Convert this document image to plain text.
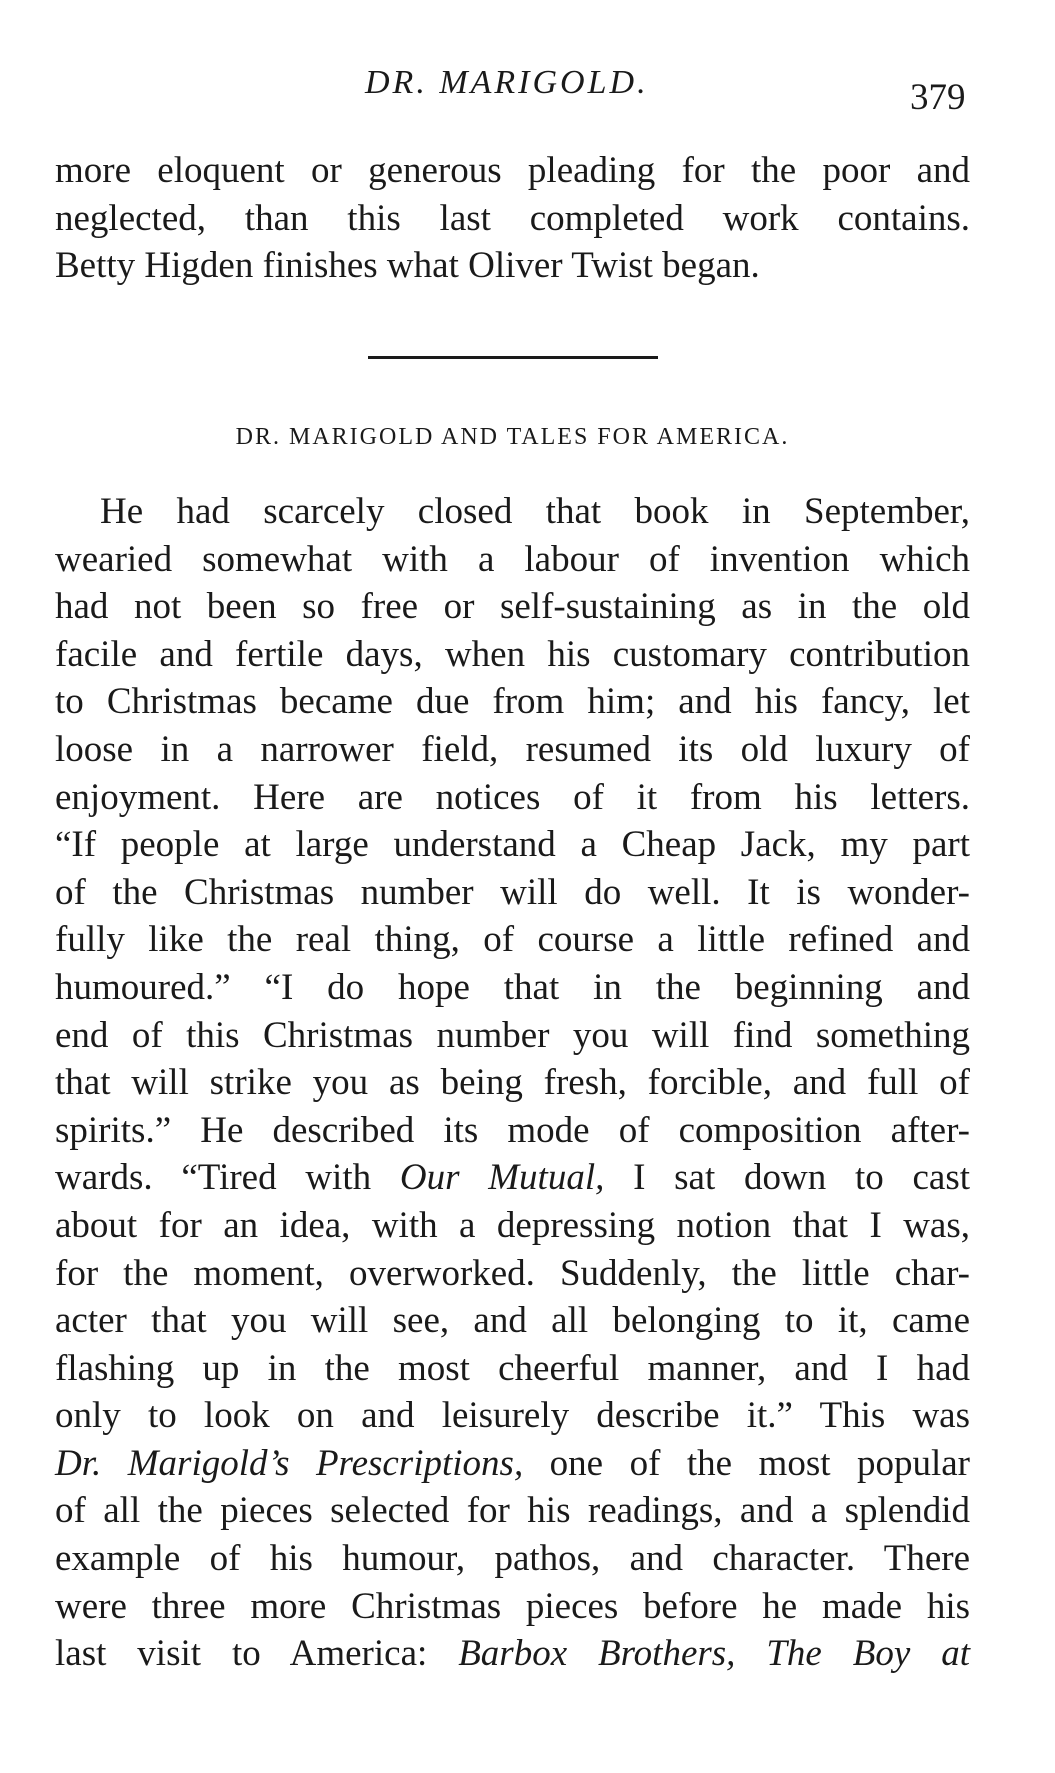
DR. MARIGOLD.	379
more eloquent or generous pleading for the poor and
neglected, than this last completed work contains.
Betty Higden finishes what Oliver Twist began.
DR. MARIGOLD AND TALES FOR AMERICA.
He had scarcely closed that book in September,
wearied somewhat with a labour of invention which
had not been so free or self-sustaining as in the old
facile and fertile days, when his customary contribution
to Christmas became due from him; and his fancy, let
loose in a narrower field, resumed its old luxury of
enjoyment. Here are notices of it from his letters.
“If people at large understand a Cheap Jack, my part
of the Christmas number will do well. It is wonder-
fully like the real thing, of course a little refined and
humoured.” “I do hope that in the beginning and
end of this Christmas number you will find something
that will strike you as being fresh, forcible, and full of
spirits.” He described its mode of composition after-
wards. “Tired with Our Mutual, I sat down to cast
about for an idea, with a depressing notion that I was,
for the moment, overworked. Suddenly, the little char-
acter that you will see, and all belonging to it, came
flashing up in the most cheerful manner, and I had
only to look on and leisurely describe it.” This was
Dr. Marigold’s Prescriptions, one of the most popular
of all the pieces selected for his readings, and a splendid
example of his humour, pathos, and character. There
were three more Christmas pieces before he made his
last visit to America: Barbox Brothers, The Boy at
